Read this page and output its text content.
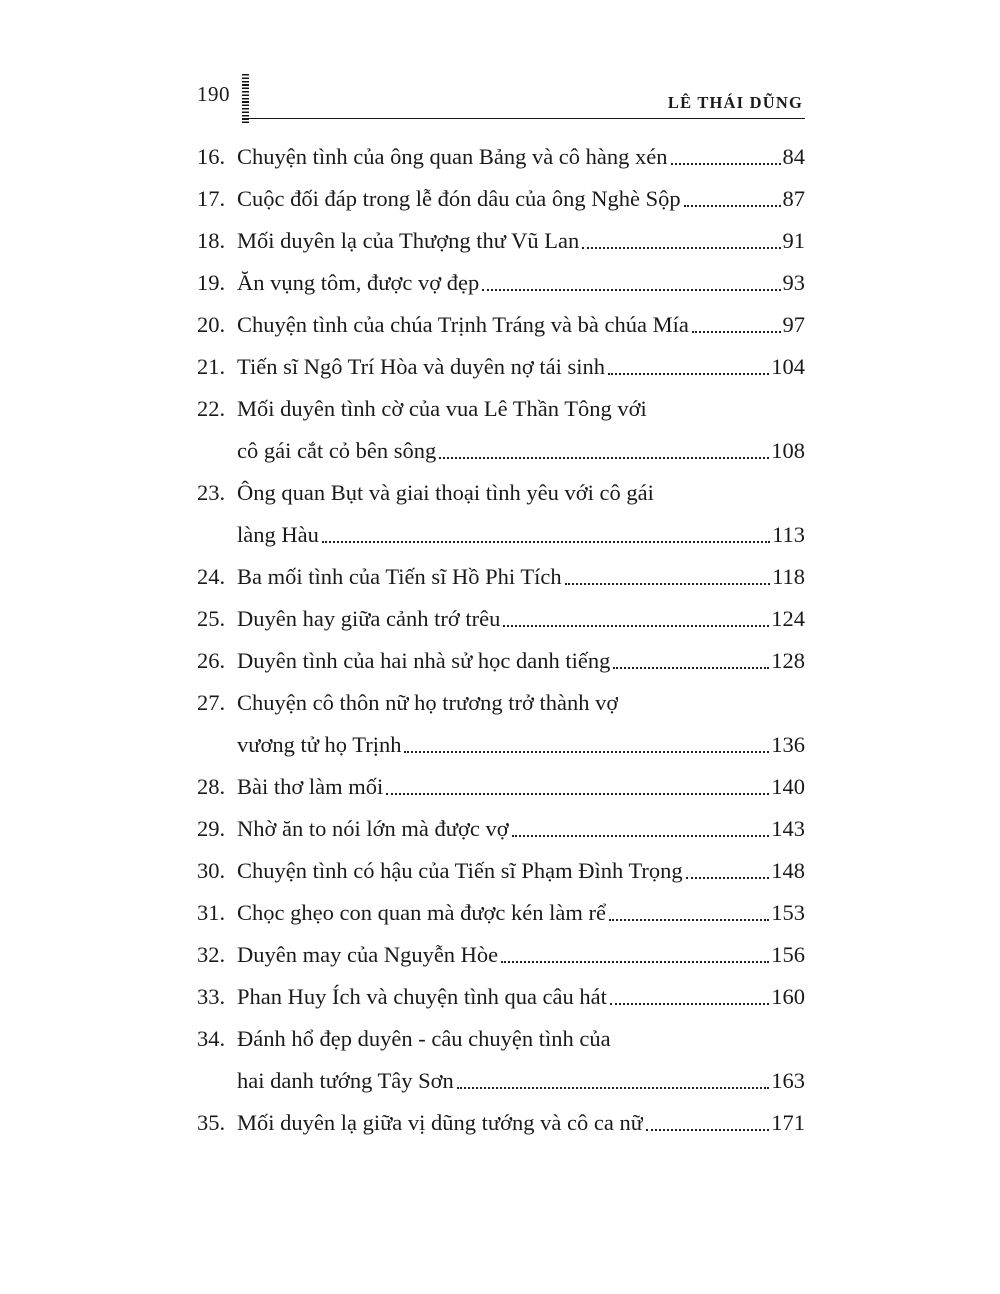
190	LÊ THÁI DŨNG
16. Chuyện tình của ông quan Bảng và cô hàng xén	84
17. Cuộc đối đáp trong lễ đón dâu của ông Nghè Sộp	87
18. Mối duyên lạ của Thượng thư Vũ Lan	91
19. Ăn vụng tôm, được vợ đẹp	93
20. Chuyện tình của chúa Trịnh Tráng và bà chúa Mía	97
21. Tiến sĩ Ngô Trí Hòa và duyên nợ tái sinh	104
22. Mối duyên tình cờ của vua Lê Thần Tông với
cô gái cắt cỏ bên sông	108
23. Ông quan Bụt và giai thoại tình yêu với cô gái
làng Hàu	113
24. Ba mối tình của Tiến sĩ Hồ Phi Tích	118
25. Duyên hay giữa cảnh trớ trêu	124
26. Duyên tình của hai nhà sử học danh tiếng	128
27. Chuyện cô thôn nữ họ trương trở thành vợ
vương tử họ Trịnh	136
28. Bài thơ làm mối	140
29. Nhờ ăn to nói lớn mà được vợ	143
30. Chuyện tình có hậu của Tiến sĩ Phạm Đình Trọng	148
31. Chọc ghẹo con quan mà được kén làm rể	153
32. Duyên may của Nguyễn Hòe	156
33. Phan Huy Ích và chuyện tình qua câu hát	160
34. Đánh hổ đẹp duyên - câu chuyện tình của
hai danh tướng Tây Sơn	163
35. Mối duyên lạ giữa vị dũng tướng và cô ca nữ	171
